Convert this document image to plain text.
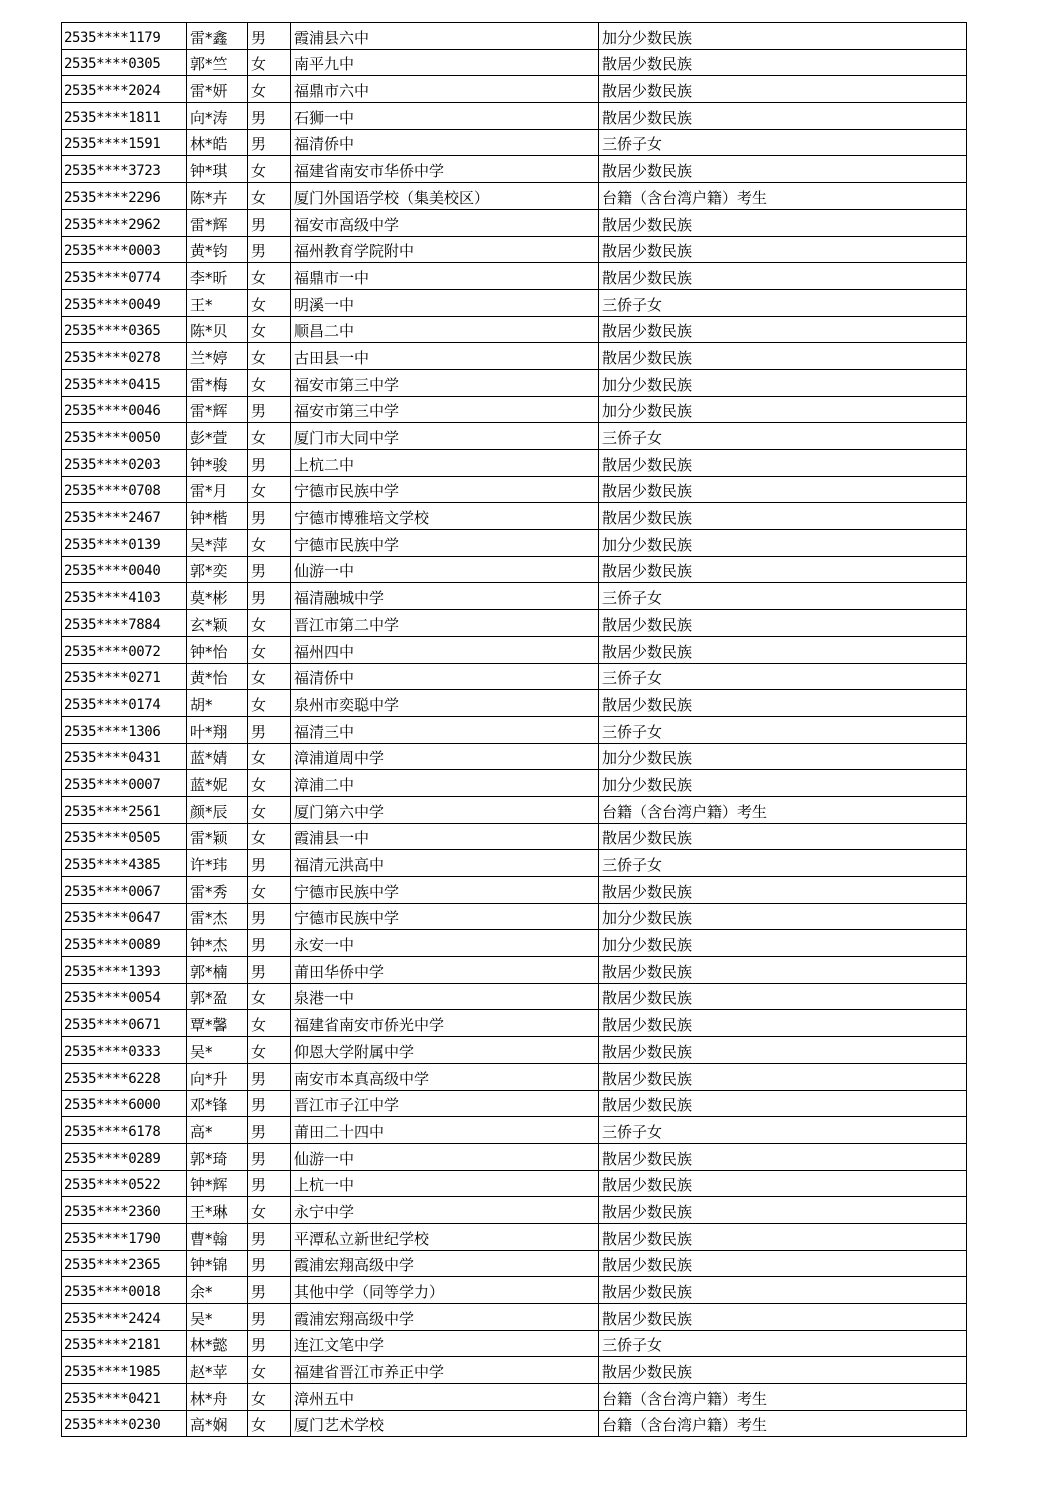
2535****1179	雷*鑫	男	霞浦县六中	加分少数民族
2535****0305	郭*竺	女	南平九中	散居少数民族
2535****2024	雷*妍	女	福鼎市六中	散居少数民族
2535****1811	向*涛	男	石狮一中	散居少数民族
2535****1591	林*皓	男	福清侨中	三侨子女
2535****3723	钟*琪	女	福建省南安市华侨中学	散居少数民族
2535****2296	陈*卉	女	厦门外国语学校（集美校区）	台籍（含台湾户籍）考生
2535****2962	雷*辉	男	福安市高级中学	散居少数民族
2535****0003	黄*钧	男	福州教育学院附中	散居少数民族
2535****0774	李*昕	女	福鼎市一中	散居少数民族
2535****0049	王*	女	明溪一中	三侨子女
2535****0365	陈*贝	女	顺昌二中	散居少数民族
2535****0278	兰*婷	女	古田县一中	散居少数民族
2535****0415	雷*梅	女	福安市第三中学	加分少数民族
2535****0046	雷*辉	男	福安市第三中学	加分少数民族
2535****0050	彭*萱	女	厦门市大同中学	三侨子女
2535****0203	钟*骏	男	上杭二中	散居少数民族
2535****0708	雷*月	女	宁德市民族中学	散居少数民族
2535****2467	钟*楷	男	宁德市博雅培文学校	散居少数民族
2535****0139	吴*萍	女	宁德市民族中学	加分少数民族
2535****0040	郭*奕	男	仙游一中	散居少数民族
2535****4103	莫*彬	男	福清融城中学	三侨子女
2535****7884	玄*颖	女	晋江市第二中学	散居少数民族
2535****0072	钟*怡	女	福州四中	散居少数民族
2535****0271	黄*怡	女	福清侨中	三侨子女
2535****0174	胡*	女	泉州市奕聪中学	散居少数民族
2535****1306	叶*翔	男	福清三中	三侨子女
2535****0431	蓝*婧	女	漳浦道周中学	加分少数民族
2535****0007	蓝*妮	女	漳浦二中	加分少数民族
2535****2561	颜*辰	女	厦门第六中学	台籍（含台湾户籍）考生
2535****0505	雷*颖	女	霞浦县一中	散居少数民族
2535****4385	许*玮	男	福清元洪高中	三侨子女
2535****0067	雷*秀	女	宁德市民族中学	散居少数民族
2535****0647	雷*杰	男	宁德市民族中学	加分少数民族
2535****0089	钟*杰	男	永安一中	加分少数民族
2535****1393	郭*楠	男	莆田华侨中学	散居少数民族
2535****0054	郭*盈	女	泉港一中	散居少数民族
2535****0671	覃*馨	女	福建省南安市侨光中学	散居少数民族
2535****0333	吴*	女	仰恩大学附属中学	散居少数民族
2535****6228	向*升	男	南安市本真高级中学	散居少数民族
2535****6000	邓*锋	男	晋江市子江中学	散居少数民族
2535****6178	高*	男	莆田二十四中	三侨子女
2535****0289	郭*琦	男	仙游一中	散居少数民族
2535****0522	钟*辉	男	上杭一中	散居少数民族
2535****2360	王*琳	女	永宁中学	散居少数民族
2535****1790	曹*翰	男	平潭私立新世纪学校	散居少数民族
2535****2365	钟*锦	男	霞浦宏翔高级中学	散居少数民族
2535****0018	余*	男	其他中学（同等学力）	散居少数民族
2535****2424	吴*	男	霞浦宏翔高级中学	散居少数民族
2535****2181	林*懿	男	连江文笔中学	三侨子女
2535****1985	赵*苹	女	福建省晋江市养正中学	散居少数民族
2535****0421	林*舟	女	漳州五中	台籍（含台湾户籍）考生
2535****0230	高*娴	女	厦门艺术学校	台籍（含台湾户籍）考生
